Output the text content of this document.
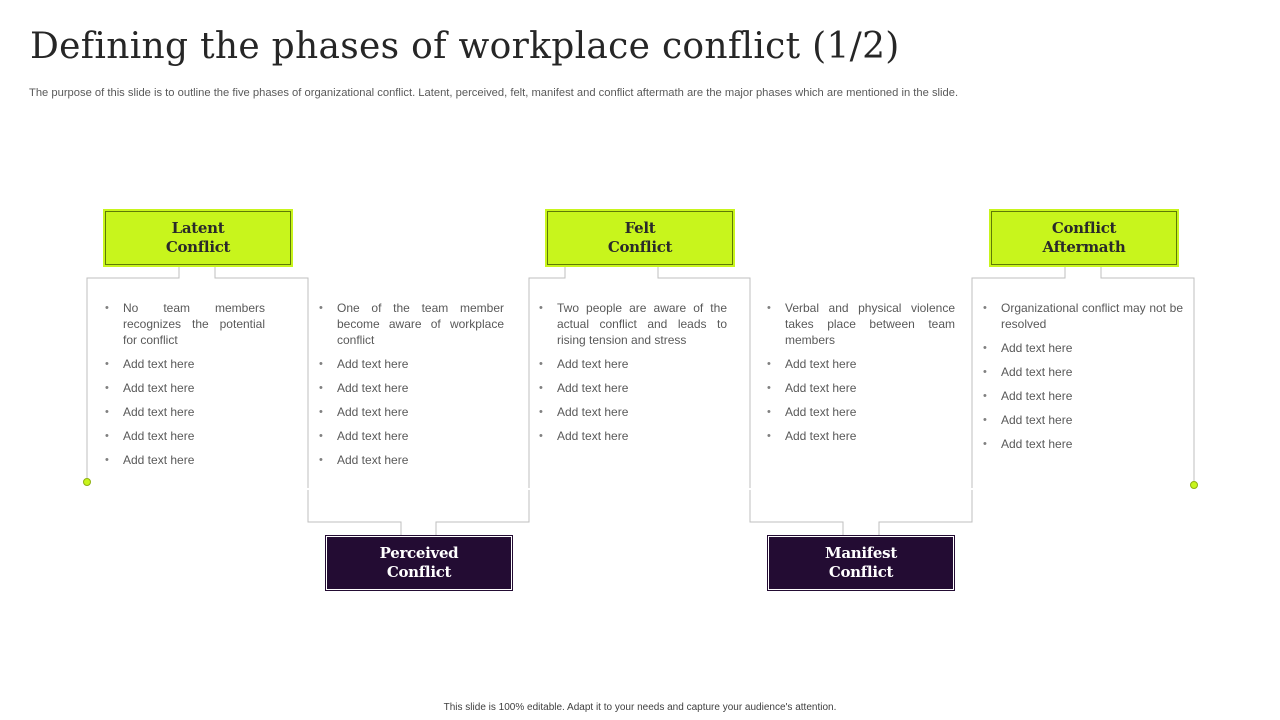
Defining the phases of workplace conflict (1/2)

The purpose of this slide is to outline the five phases of organizational conflict. Latent, perceived, felt, manifest and conflict aftermath are the major phases which are mentioned in the slide.

Latent
Conflict
Perceived
Conflict
Felt
Conflict
Manifest
Conflict
Conflict
Aftermath
• No team members recognizes the potential for conflict
• Add text here
• Add text here
• Add text here
• Add text here
• Add text here
• One of the team member become aware of workplace conflict
• Add text here
• Add text here
• Add text here
• Add text here
• Add text here
• Two people are aware of the actual conflict and leads to rising tension and stress
• Add text here
• Add text here
• Add text here
• Add text here
• Verbal and physical violence takes place between team members
• Add text here
• Add text here
• Add text here
• Add text here
• Organizational conflict may not be resolved
• Add text here
• Add text here
• Add text here
• Add text here
• Add text here
This slide is 100% editable. Adapt it to your needs and capture your audience's attention.
